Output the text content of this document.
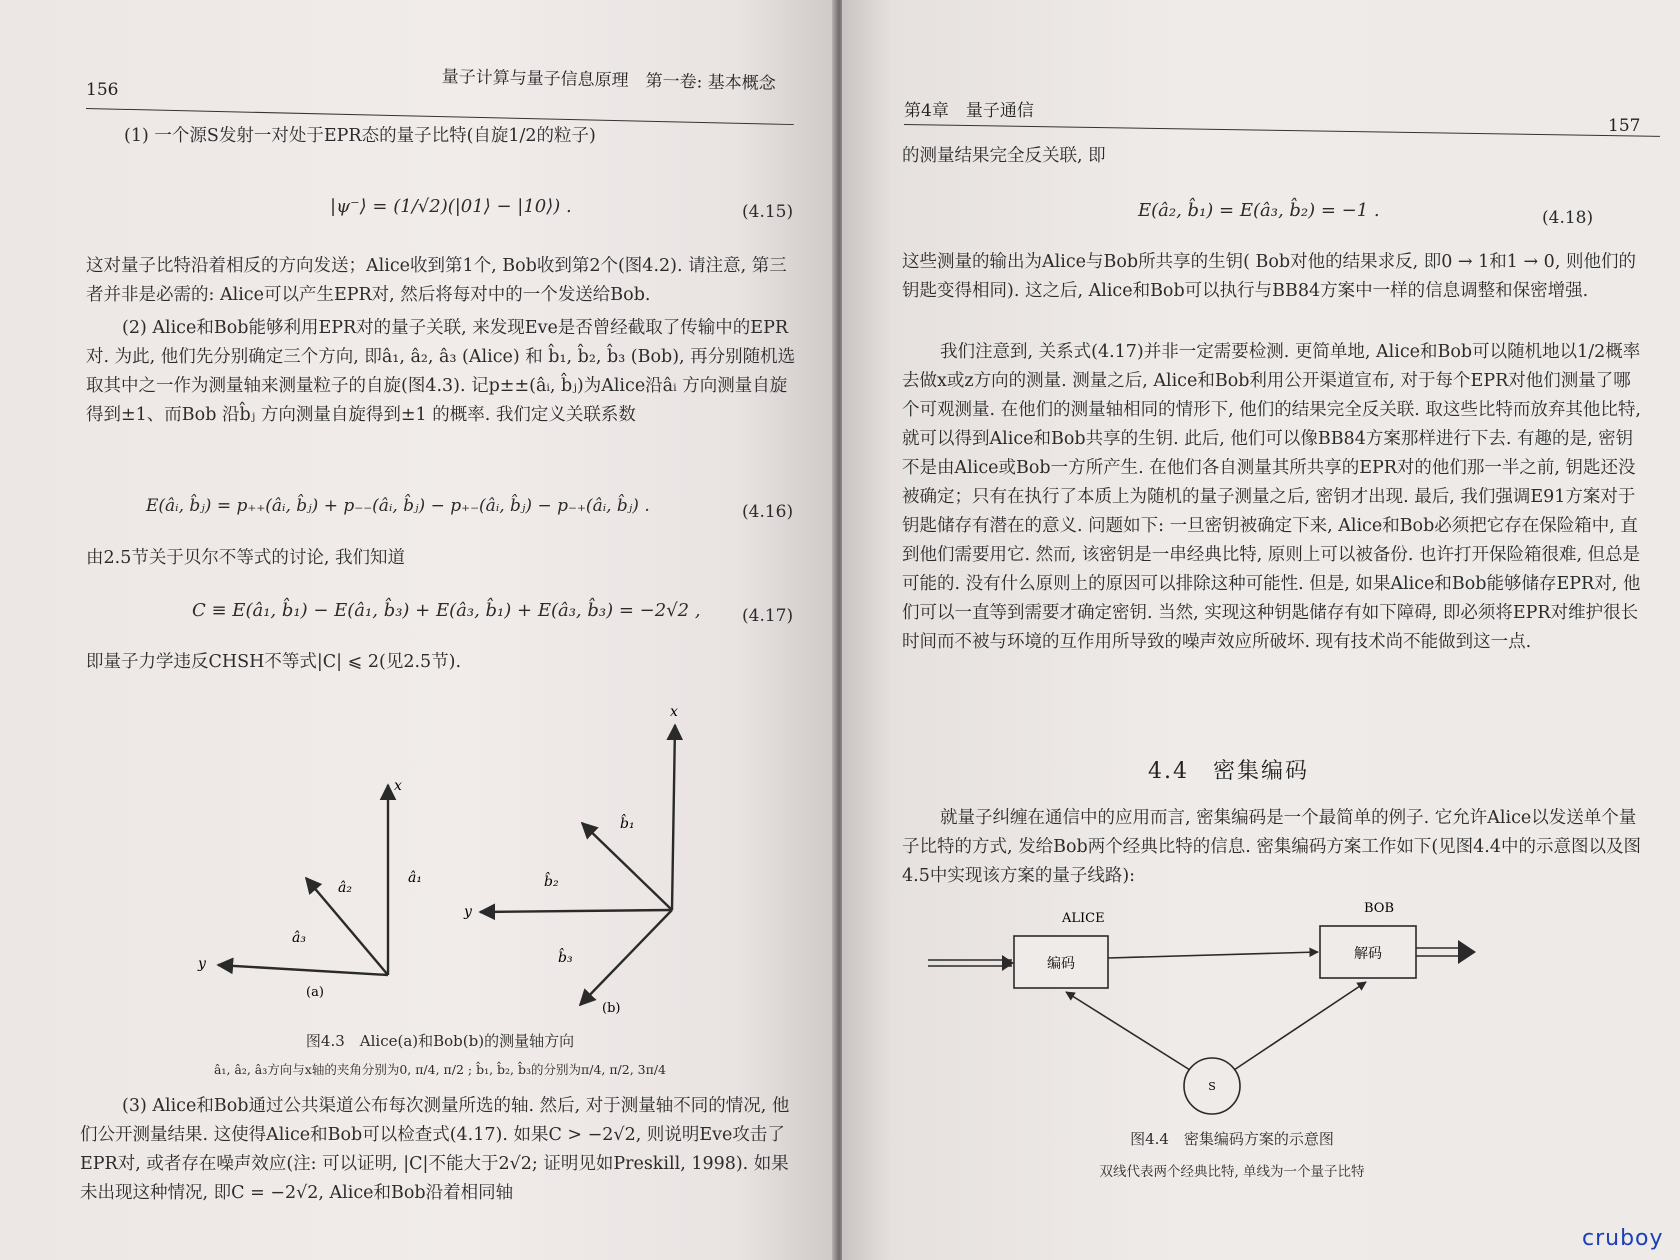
156	量子计算与量子信息原理　第一卷: 基本概念

(1) 一个源S发射一对处于EPR态的量子比特(自旋1/2的粒子)

|ψ⁻⟩ = (1/√2)(|01⟩ − |10⟩) .	(4.15)

这对量子比特沿着相反的方向发送；Alice收到第1个, Bob收到第2个(图4.2). 请注意, 第三者并非是必需的: Alice可以产生EPR对, 然后将每对中的一个发送给Bob.

(2) Alice和Bob能够利用EPR对的量子关联, 来发现Eve是否曾经截取了传输中的EPR对. 为此, 他们先分别确定三个方向, 即â₁, â₂, â₃ (Alice) 和 b̂₁, b̂₂, b̂₃ (Bob), 再分别随机选取其中之一作为测量轴来测量粒子的自旋(图4.3). 记p±±(âᵢ, b̂ⱼ)为Alice沿âᵢ 方向测量自旋得到±1、而Bob 沿b̂ⱼ 方向测量自旋得到±1 的概率. 我们定义关联系数

E(âᵢ, b̂ⱼ) = p₊₊(âᵢ, b̂ⱼ) + p₋₋(âᵢ, b̂ⱼ) − p₊₋(âᵢ, b̂ⱼ) − p₋₊(âᵢ, b̂ⱼ) .	(4.16)

由2.5节关于贝尔不等式的讨论, 我们知道

C ≡ E(â₁, b̂₁) − E(â₁, b̂₃) + E(â₃, b̂₁) + E(â₃, b̂₃) = −2√2 , (4.17)

即量子力学违反CHSH不等式|C| ⩽ 2(见2.5节).

x
y
â₁
â₂
â₃
(a)
x
y
b̂₁
b̂₂
b̂₃
(b)
图4.3　Alice(a)和Bob(b)的测量轴方向
â₁, â₂, â₃方向与x轴的夹角分别为0, π/4, π/2 ; b̂₁, b̂₂, b̂₃的分别为π/4, π/2, 3π/4

(3) Alice和Bob通过公共渠道公布每次测量所选的轴. 然后, 对于测量轴不同的情况, 他们公开测量结果. 这使得Alice和Bob可以检查式(4.17). 如果C > −2√2, 则说明Eve攻击了EPR对, 或者存在噪声效应(注: 可以证明, |C|不能大于2√2; 证明见如Preskill, 1998). 如果未出现这种情况, 即C = −2√2, Alice和Bob沿着相同轴

第4章　量子通信
157

的测量结果完全反关联, 即

E(â₂, b̂₁) = E(â₃, b̂₂) = −1 .	(4.18)

这些测量的输出为Alice与Bob所共享的生钥( Bob对他的结果求反, 即0 → 1和1 → 0, 则他们的钥匙变得相同). 这之后, Alice和Bob可以执行与BB84方案中一样的信息调整和保密增强.

我们注意到, 关系式(4.17)并非一定需要检测. 更简单地, Alice和Bob可以随机地以1/2概率去做x或z方向的测量. 测量之后, Alice和Bob利用公开渠道宣布, 对于每个EPR对他们测量了哪个可观测量. 在他们的测量轴相同的情形下, 他们的结果完全反关联. 取这些比特而放弃其他比特, 就可以得到Alice和Bob共享的生钥. 此后, 他们可以像BB84方案那样进行下去. 有趣的是, 密钥不是由Alice或Bob一方所产生. 在他们各自测量其所共享的EPR对的他们那一半之前, 钥匙还没被确定；只有在执行了本质上为随机的量子测量之后, 密钥才出现. 最后, 我们强调E91方案对于钥匙储存有潜在的意义. 问题如下: 一旦密钥被确定下来, Alice和Bob必须把它存在保险箱中, 直到他们需要用它. 然而, 该密钥是一串经典比特, 原则上可以被备份. 也许打开保险箱很难, 但总是可能的. 没有什么原则上的原因可以排除这种可能性. 但是, 如果Alice和Bob能够储存EPR对, 他们可以一直等到需要才确定密钥. 当然, 实现这种钥匙储存有如下障碍, 即必须将EPR对维护很长时间而不被与环境的互作用所导致的噪声效应所破坏. 现有技术尚不能做到这一点.

4.4　密集编码

就量子纠缠在通信中的应用而言, 密集编码是一个最简单的例子. 它允许Alice以发送单个量子比特的方式, 发给Bob两个经典比特的信息. 密集编码方案工作如下(见图4.4中的示意图以及图4.5中实现该方案的量子线路):

ALICE
BOB
编码
解码
S
图4.4　密集编码方案的示意图
双线代表两个经典比特, 单线为一个量子比特
cruboy
